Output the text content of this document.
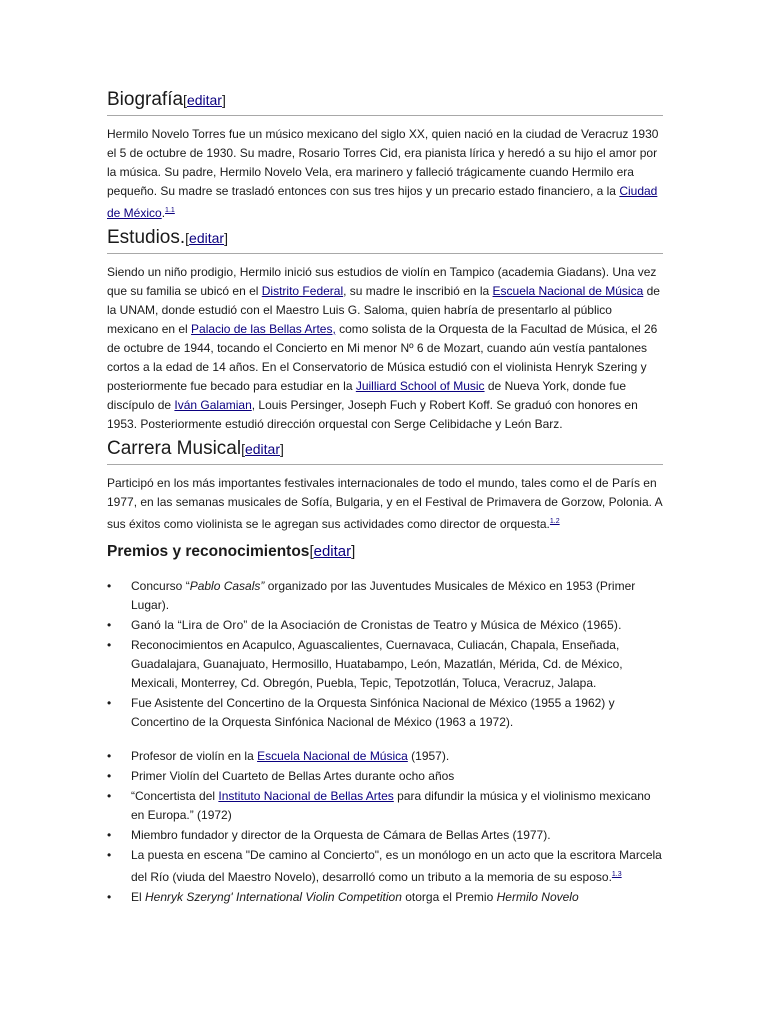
Biografía[editar]

Hermilo Novelo Torres fue un músico mexicano del siglo XX, quien nació en la ciudad de Veracruz 1930 el 5 de octubre de 1930. Su madre, Rosario Torres Cid, era pianista lírica y heredó a su hijo el amor por la música. Su padre, Hermilo Novelo Vela, era marinero y falleció trágicamente cuando Hermilo era pequeño. Su madre se trasladó entonces con sus tres hijos y un precario estado financiero, a la Ciudad de México.$^{1.1}$

Estudios.[editar]

Siendo un niño prodigio, Hermilo inició sus estudios de violín en Tampico (academia Giadans). Una vez que su familia se ubicó en el Distrito Federal, su madre le inscribió en la Escuela Nacional de Música de la UNAM, donde estudió con el Maestro Luis G. Saloma, quien habría de presentarlo al público mexicano en el Palacio de las Bellas Artes, como solista de la Orquesta de la Facultad de Música, el 26 de octubre de 1944, tocando el Concierto en Mi menor Nº 6 de Mozart, cuando aún vestía pantalones cortos a la edad de 14 años. En el Conservatorio de Música estudió con el violinista Henryk Szering y posteriormente fue becado para estudiar en la Juilliard School of Music de Nueva York, donde fue discípulo de Iván Galamian, Louis Persinger, Joseph Fuch y Robert Koff. Se graduó con honores en 1953. Posteriormente estudió dirección orquestal con Serge Celibidache y León Barz.

Carrera Musical[editar]

Participó en los más importantes festivales internacionales de todo el mundo, tales como el de París en 1977, en las semanas musicales de Sofía, Bulgaria, y en el Festival de Primavera de Gorzow, Polonia. A sus éxitos como violinista se le agregan sus actividades como director de orquesta.$^{1.2}$

Premios y reconocimientos[editar]
• Concurso “Pablo Casals” organizado por las Juventudes Musicales de México en 1953 (Primer Lugar).
• Ganó la “Lira de Oro” de la Asociación de Cronistas de Teatro y Música de México (1965).
• Reconocimientos en Acapulco, Aguascalientes, Cuernavaca, Culiacán, Chapala, Enseñada, Guadalajara, Guanajuato, Hermosillo, Huatabampo, León, Mazatlán, Mérida, Cd. de México, Mexicali, Monterrey, Cd. Obregón, Puebla, Tepic, Tepotzotlán, Toluca, Veracruz, Jalapa.
• Fue Asistente del Concertino de la Orquesta Sinfónica Nacional de México (1955 a 1962) y Concertino de la Orquesta Sinfónica Nacional de México (1963 a 1972).
• Profesor de violín en la Escuela Nacional de Música (1957).
• Primer Violín del Cuarteto de Bellas Artes durante ocho años
• “Concertista del Instituto Nacional de Bellas Artes para difundir la música y el violinismo mexicano en Europa.” (1972)
• Miembro fundador y director de la Orquesta de Cámara de Bellas Artes (1977).
• La puesta en escena "De camino al Concierto", es un monólogo en un acto que la escritora Marcela del Río (viuda del Maestro Novelo), desarrolló como un tributo a la memoria de su esposo.$^{1.3}$
• El Henryk Szeryng' International Violin Competition otorga el Premio Hermilo Novelo
